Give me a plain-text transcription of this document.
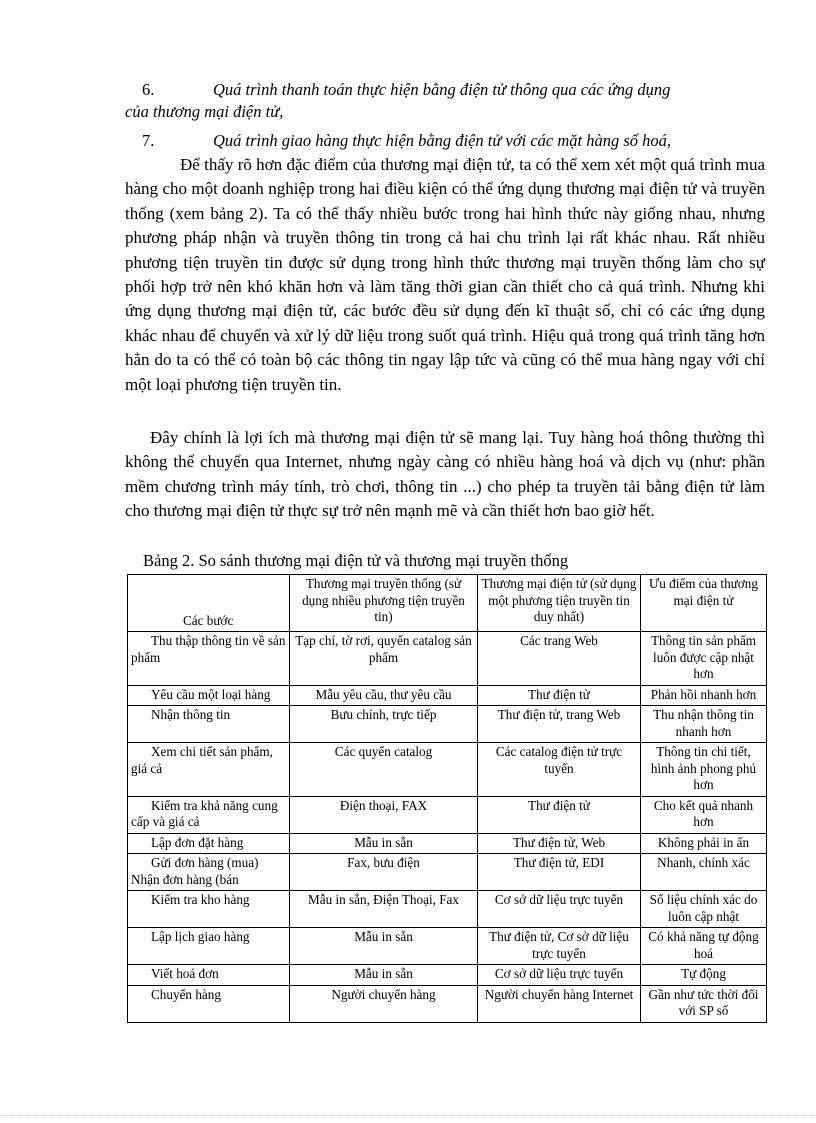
6.	Quá trình thanh toán thực hiện bằng điện tử thông qua các ứng dụng
của thương mại điện tử,
7.	Quá trình giao hàng thực hiện bằng điện tử với các mặt hàng số hoá,
Để thấy rõ hơn đặc điểm của thương mại điện tử, ta có thể xem xét một quá trình mua hàng cho một doanh nghiệp trong hai điều kiện có thể ứng dụng thương mại điện tử và truyền thống (xem bảng 2). Ta có thể thấy nhiều bước trong hai hình thức này giống nhau, nhưng phương pháp nhận và truyền thông tin trong cả hai chu trình lại rất khác nhau. Rất nhiều phương tiện truyền tin được sử dụng trong hình thức thương mại truyền thống làm cho sự phối hợp trở nên khó khăn hơn và làm tăng thời gian cần thiết cho cả quá trình. Nhưng khi ứng dụng thương mại điện tử, các bước đều sử dụng đến kĩ thuật số, chỉ có các ứng dụng khác nhau để chuyển và xử lý dữ liệu trong suốt quá trình. Hiệu quả trong quá trình tăng hơn hẳn do ta có thể có toàn bộ các thông tin ngay lập tức và cũng có thể mua hàng ngay với chỉ một loại phương tiện truyền tin.
Đây chính là lợi ích mà thương mại điện tử sẽ mang lại. Tuy hàng hoá thông thường thì không thể chuyển qua Internet, nhưng ngày càng có nhiều hàng hoá và dịch vụ (như: phần mềm chương trình máy tính, trò chơi, thông tin ...) cho phép ta truyền tải bằng điện tử làm cho thương mại điện tử thực sự trở nên mạnh mẽ và cần thiết hơn bao giờ hết.
Bảng 2. So sánh thương mại điện tử và thương mại truyền thống
Các bước	Thương mại truyền thống (sử dụng nhiều phương tiện truyền tin)	Thương mại điện tử (sử dụng một phương tiện truyền tin duy nhất)	Ưu điểm của thương mại điện tử

Thu thập thông tin về sản phẩm	Tạp chí, tờ rơi, quyển catalog sản phẩm	Các trang Web	Thông tin sản phẩm luôn được cập nhật hơn

Yêu cầu một loại hàng	Mẫu yêu cầu, thư yêu cầu	Thư điện tử	Phản hồi nhanh hơn

Nhận thông tin	Bưu chính, trực tiếp	Thư điện tử, trang Web	Thu nhận thông tin nhanh hơn

Xem chi tiết sản phẩm, giá cả	Các quyển catalog	Các catalog điện tử trực tuyến	Thông tin chi tiết, hình ảnh phong phú hơn

Kiểm tra khả năng cung cấp và giá cả	Điện thoại, FAX	Thư điện tử	Cho kết quả nhanh hơn

Lập đơn đặt hàng	Mẫu in sẵn	Thư điện tử, Web	Không phải in ấn

Gửi đơn hàng (mua) Nhận đơn hàng (bán	Fax, bưu điện	Thư điện tử, EDI	Nhanh, chính xác

Kiểm tra kho hàng	Mẫu in sẵn, Điện Thoại, Fax	Cơ sở dữ liệu trực tuyến	Số liệu chính xác do luôn cập nhật

Lập lịch giao hàng	Mẫu in sẵn	Thư điện tử, Cơ sở dữ liệu trực tuyến	Có khả năng tự động hoá

Viết hoá đơn	Mẫu in sẵn	Cơ sở dữ liệu trực tuyến	Tự động

Chuyển hàng	Người chuyển hàng	Người chuyển hàng Internet	Gần như tức thời đối với SP số
